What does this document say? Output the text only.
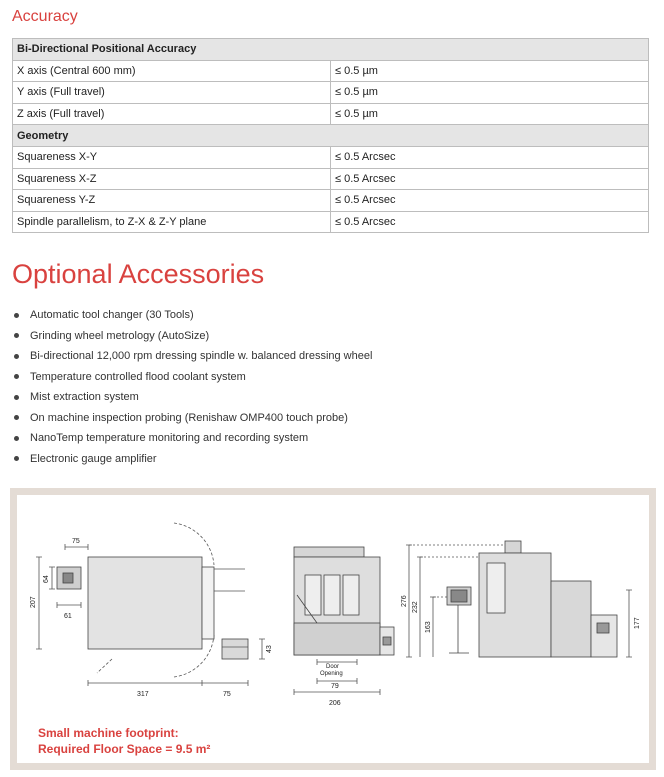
Accuracy
Bi-Directional Positional Accuracy	
X axis (Central 600 mm)	≤ 0.5 µm
Y axis (Full travel)	≤ 0.5 µm
Z axis (Full travel)	≤ 0.5 µm
Geometry	
Squareness X-Y	≤ 0.5 Arcsec
Squareness X-Z	≤ 0.5 Arcsec
Squareness Y-Z	≤ 0.5 Arcsec
Spindle parallelism, to Z-X & Z-Y plane	≤ 0.5 Arcsec
Optional Accessories
Automatic tool changer (30 Tools)
Grinding wheel metrology (AutoSize)
Bi-directional 12,000 rpm dressing spindle w. balanced dressing wheel
Temperature controlled flood coolant system
Mist extraction system
On machine inspection probing (Renishaw OMP400 touch probe)
NanoTemp temperature monitoring and recording system
Electronic gauge amplifier
75
207
64
61
317	75
43
Door
Opening
79
206
276
232
163	177
Small machine footprint:
Required Floor Space = 9.5 m²
